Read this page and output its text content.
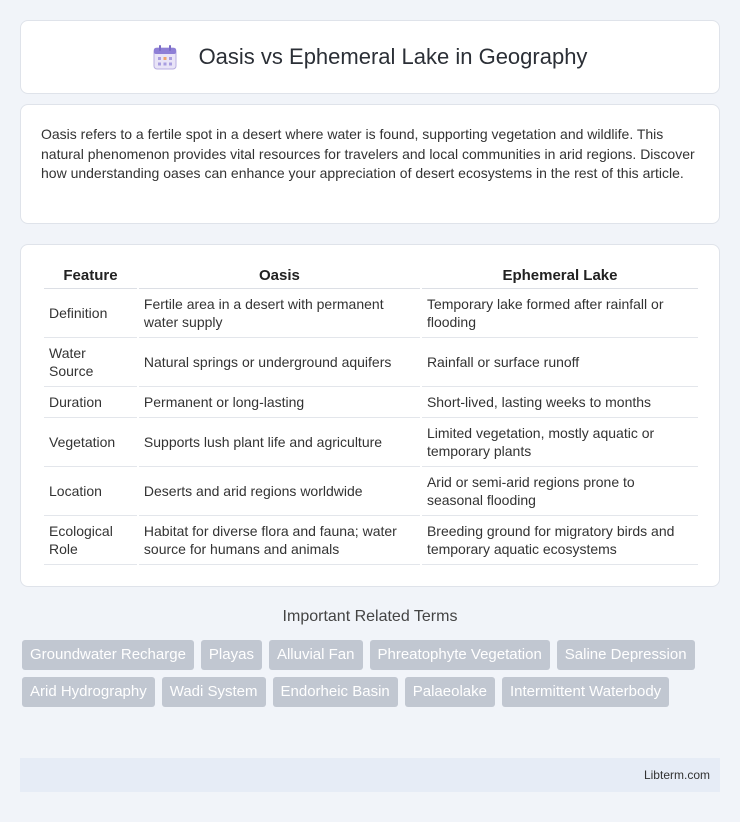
Oasis vs Ephemeral Lake in Geography

Oasis refers to a fertile spot in a desert where water is found, supporting vegetation and wildlife. This natural phenomenon provides vital resources for travelers and local communities in arid regions. Discover how understanding oases can enhance your appreciation of desert ecosystems in the rest of this article.

Feature	Oasis	Ephemeral Lake
Definition	Fertile area in a desert with permanent water supply	Temporary lake formed after rainfall or flooding
Water Source	Natural springs or underground aquifers	Rainfall or surface runoff
Duration	Permanent or long-lasting	Short-lived, lasting weeks to months
Vegetation	Supports lush plant life and agriculture	Limited vegetation, mostly aquatic or temporary plants
Location	Deserts and arid regions worldwide	Arid or semi-arid regions prone to seasonal flooding
Ecological Role	Habitat for diverse flora and fauna; water source for humans and animals	Breeding ground for migratory birds and temporary aquatic ecosystems
Important Related Terms
Groundwater Recharge	Playas	Alluvial Fan	Phreatophyte Vegetation	Saline Depression
Arid Hydrography	Wadi System	Endorheic Basin	Palaeolake	Intermittent Waterbody
Libterm.com
